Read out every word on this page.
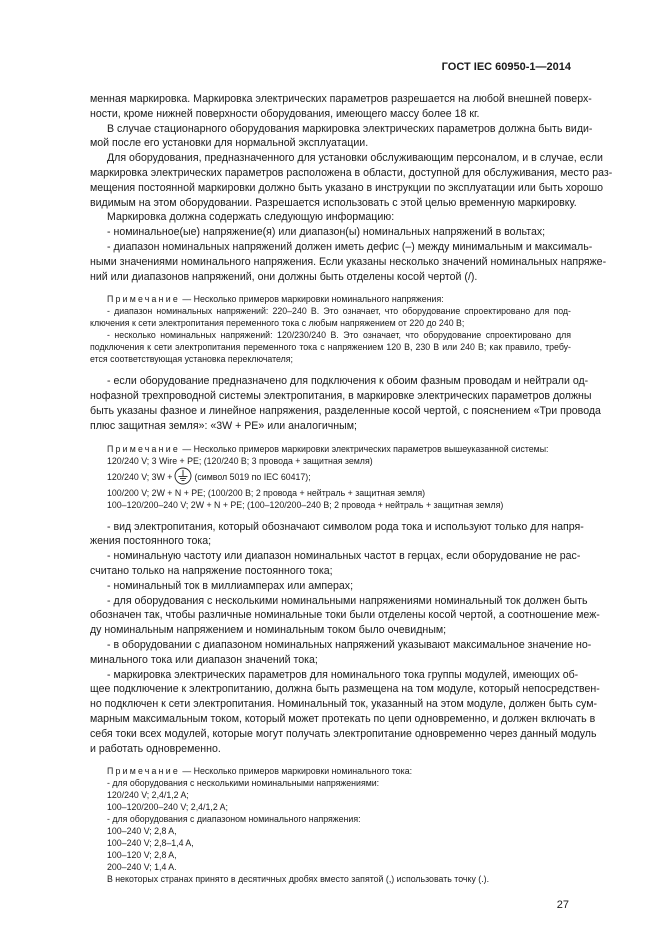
ГОСТ IEC 60950-1—2014
менная маркировка. Маркировка электрических параметров разрешается на любой внешней поверх-
ности, кроме нижней поверхности оборудования, имеющего массу более 18 кг.
В случае стационарного оборудования маркировка электрических параметров должна быть види-
мой после его установки для нормальной эксплуатации.
Для оборудования, предназначенного для установки обслуживающим персоналом, и в случае, если
маркировка электрических параметров расположена в области, доступной для обслуживания, место раз-
мещения постоянной маркировки должно быть указано в инструкции по эксплуатации или быть хорошо
видимым на этом оборудовании. Разрешается использовать с этой целью временную маркировку.
Маркировка должна содержать следующую информацию:
- номинальное(ые) напряжение(я) или диапазон(ы) номинальных напряжений в вольтах;
- диапазон номинальных напряжений должен иметь дефис (–) между минимальным и максималь-
ными значениями номинального напряжения. Если указаны несколько значений номинальных напряже-
ний или диапазонов напряжений, они должны быть отделены косой чертой (/).
Примечание — Несколько примеров маркировки номинального напряжения:
- диапазон номинальных напряжений: 220–240 В. Это означает, что оборудование спроектировано для под-
ключения к сети электропитания переменного тока с любым напряжением от 220 до 240 В;
- несколько номинальных напряжений: 120/230/240 В. Это означает, что оборудование спроектировано для
подключения к сети электропитания переменного тока с напряжением 120 В, 230 В или 240 В; как правило, требу-
ется соответствующая установка переключателя;
- если оборудование предназначено для подключения к обоим фазным проводам и нейтрали од-
нофазной трехпроводной системы электропитания, в маркировке электрических параметров должны
быть указаны фазное и линейное напряжения, разделенные косой чертой, с пояснением «Три провода
плюс защитная земля»: «3W + PE» или аналогичным;
Примечание — Несколько примеров маркировки электрических параметров вышеуказанной системы:
120/240 V; 3 Wire + PE; (120/240 В; 3 провода + защитная земля)
120/240 V; 3W +	(символ 5019 по IEC 60417);
100/200 V; 2W + N + PE; (100/200 В; 2 провода + нейтраль + защитная земля)
100–120/200–240 V; 2W + N + PE; (100–120/200–240 В; 2 провода + нейтраль + защитная земля)
- вид электропитания, который обозначают символом рода тока и используют только для напря-
жения постоянного тока;
- номинальную частоту или диапазон номинальных частот в герцах, если оборудование не рас-
считано только на напряжение постоянного тока;
- номинальный ток в миллиамперах или амперах;
- для оборудования с несколькими номинальными напряжениями номинальный ток должен быть
обозначен так, чтобы различные номинальные токи были отделены косой чертой, а соотношение меж-
ду номинальным напряжением и номинальным током было очевидным;
- в оборудовании с диапазоном номинальных напряжений указывают максимальное значение но-
минального тока или диапазон значений тока;
- маркировка электрических параметров для номинального тока группы модулей, имеющих об-
щее подключение к электропитанию, должна быть размещена на том модуле, который непосредствен-
но подключен к сети электропитания. Номинальный ток, указанный на этом модуле, должен быть сум-
марным максимальным током, который может протекать по цепи одновременно, и должен включать в
себя токи всех модулей, которые могут получать электропитание одновременно через данный модуль
и работать одновременно.
Примечание — Несколько примеров маркировки номинального тока:
- для оборудования с несколькими номинальными напряжениями:
120/240 V; 2,4/1,2 A;
100–120/200–240 V; 2,4/1,2 A;
- для оборудования с диапазоном номинального напряжения:
100–240 V; 2,8 A,
100–240 V; 2,8–1,4 A,
100–120 V; 2,8 A,
200–240 V; 1,4 A.
В некоторых странах принято в десятичных дробях вместо запятой (,) использовать точку (.).
27
